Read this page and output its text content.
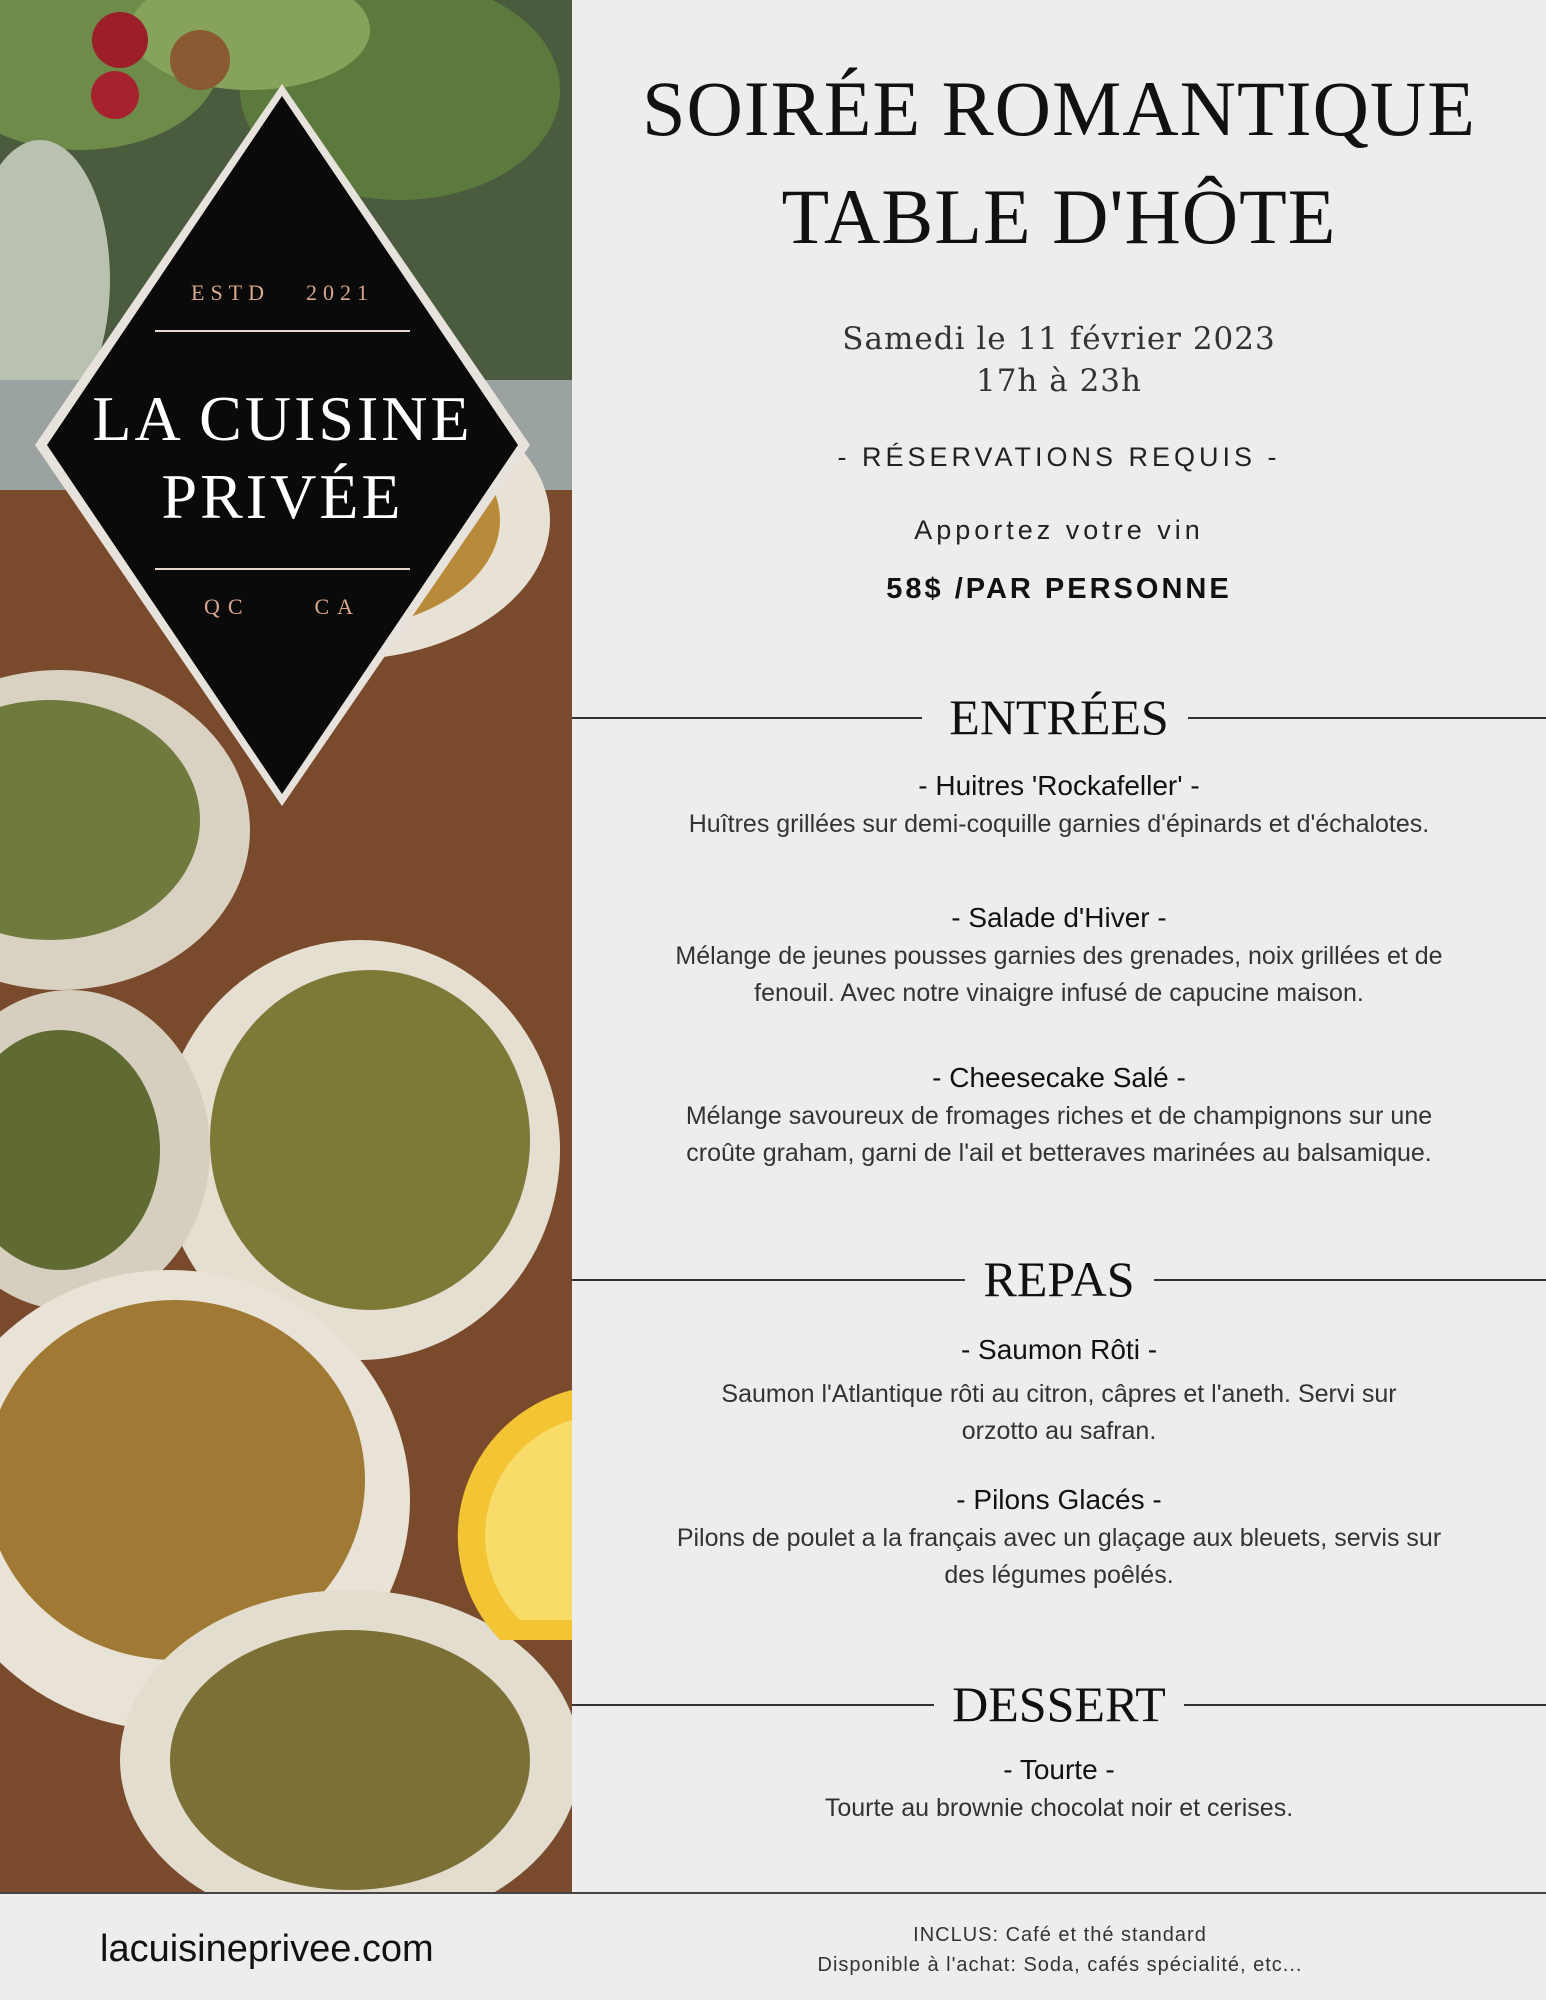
ESTD 2021
LA CUISINE
PRIVÉE
QC	CA
SOIRÉE ROMANTIQUE
TABLE D'HÔTE
Samedi le 11 février 2023
17h à 23h
- RÉSERVATIONS REQUIS -
Apportez votre vin
58$ /PAR PERSONNE
ENTRÉES
- Huitres 'Rockafeller' -
Huîtres grillées sur demi-coquille garnies d'épinards et d'échalotes.
- Salade d'Hiver -
Mélange de jeunes pousses garnies des grenades, noix grillées et de
fenouil. Avec notre vinaigre infusé de capucine maison.
- Cheesecake Salé -
Mélange savoureux de fromages riches et de champignons sur une
croûte graham, garni de l'ail et betteraves marinées au balsamique.
REPAS
- Saumon Rôti -
Saumon l'Atlantique rôti au citron, câpres et l'aneth. Servi sur
orzotto au safran.
- Pilons Glacés -
Pilons de poulet a la français avec un glaçage aux bleuets, servis sur
des légumes poêlés.
DESSERT
- Tourte -
Tourte au brownie chocolat noir et cerises.
lacuisineprivee.com	INCLUS: Café et thé standard
Disponible à l'achat: Soda, cafés spécialité, etc...
